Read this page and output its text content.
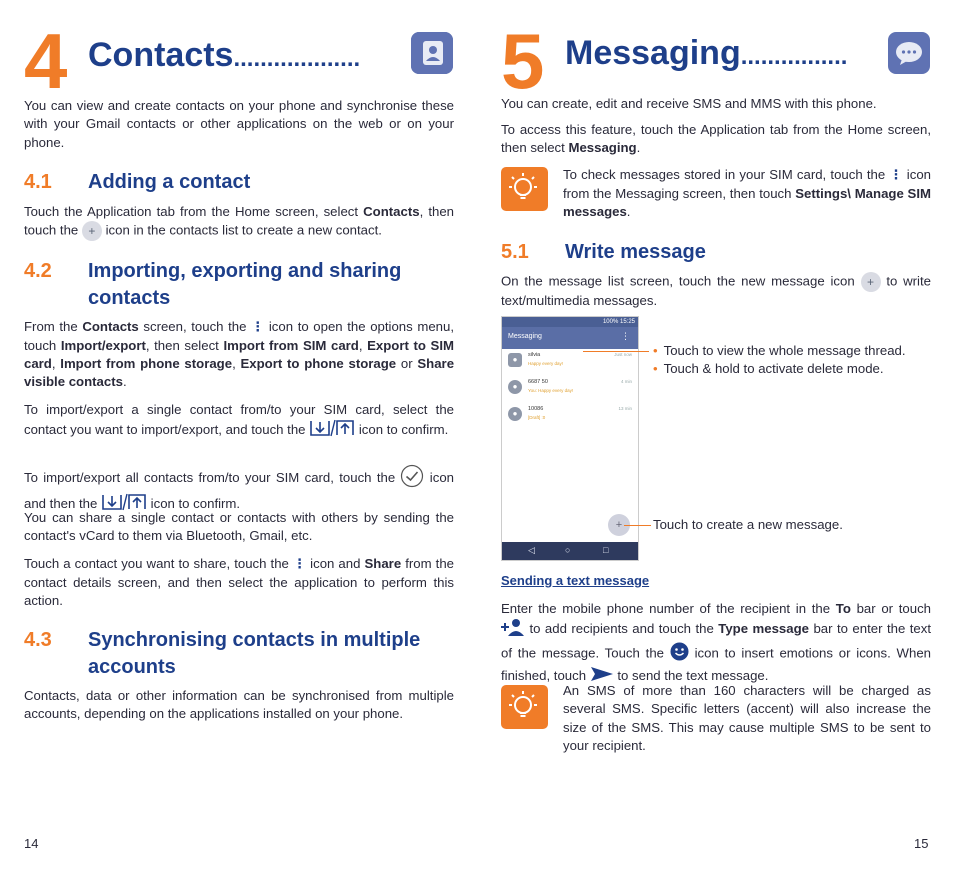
4 Contacts...................
You can view and create contacts on your phone and synchronise these with your Gmail contacts or other applications on the web or on your phone.
4.1 Adding a contact
Touch the Application tab from the Home screen, select Contacts, then touch the + icon in the contacts list to create a new contact.
4.2 Importing, exporting and sharing contacts
From the Contacts screen, touch the ⋮ icon to open the options menu, touch Import/export, then select Import from SIM card, Export to SIM card, Import from phone storage, Export to phone storage or Share visible contacts.
To import/export a single contact from/to your SIM card, select the contact you want to import/export, and touch the	icon to confirm.
To import/export all contacts from/to your SIM card, touch the  icon and then the	icon to confirm.
You can share a single contact or contacts with others by sending the contact's vCard to them via Bluetooth, Gmail, etc.
Touch a contact you want to share, touch the ⋮ icon and Share from the contact details screen, and then select the application to perform this action.
4.3 Synchronising contacts in multiple accounts
Contacts, data or other information can be synchronised from multiple accounts, depending on the applications installed on your phone.
14
5 Messaging................
You can create, edit and receive SMS and MMS with this phone.
To access this feature, touch the Application tab from the Home screen, then select Messaging.
To check messages stored in your SIM card, touch the ⋮ icon from the Messaging screen, then touch Settings\ Manage SIM messages.
5.1 Write message
On the message list screen, touch the new message icon + to write text/multimedia messages.
100% 15:25
Messaging	⋮
●	silvia
Happy every day!
Just now
●	6687 50
You: Happy every day!
4 min
●	10086
[Draft] :0
13 min
◁	○	□
+
• Touch to view the whole message thread.
• Touch & hold to activate delete mode.
Touch to create a new message.
Sending a text message
Enter the mobile phone number of the recipient in the To bar or touch  to add recipients and touch the Type message bar to enter the text of the message. Touch the  icon to insert emotions or icons. When finished, touch  to send the text message.
An SMS of more than 160 characters will be charged as several SMS. Specific letters (accent) will also increase the size of the SMS. This may cause multiple SMS to be sent to your recipient.
15
